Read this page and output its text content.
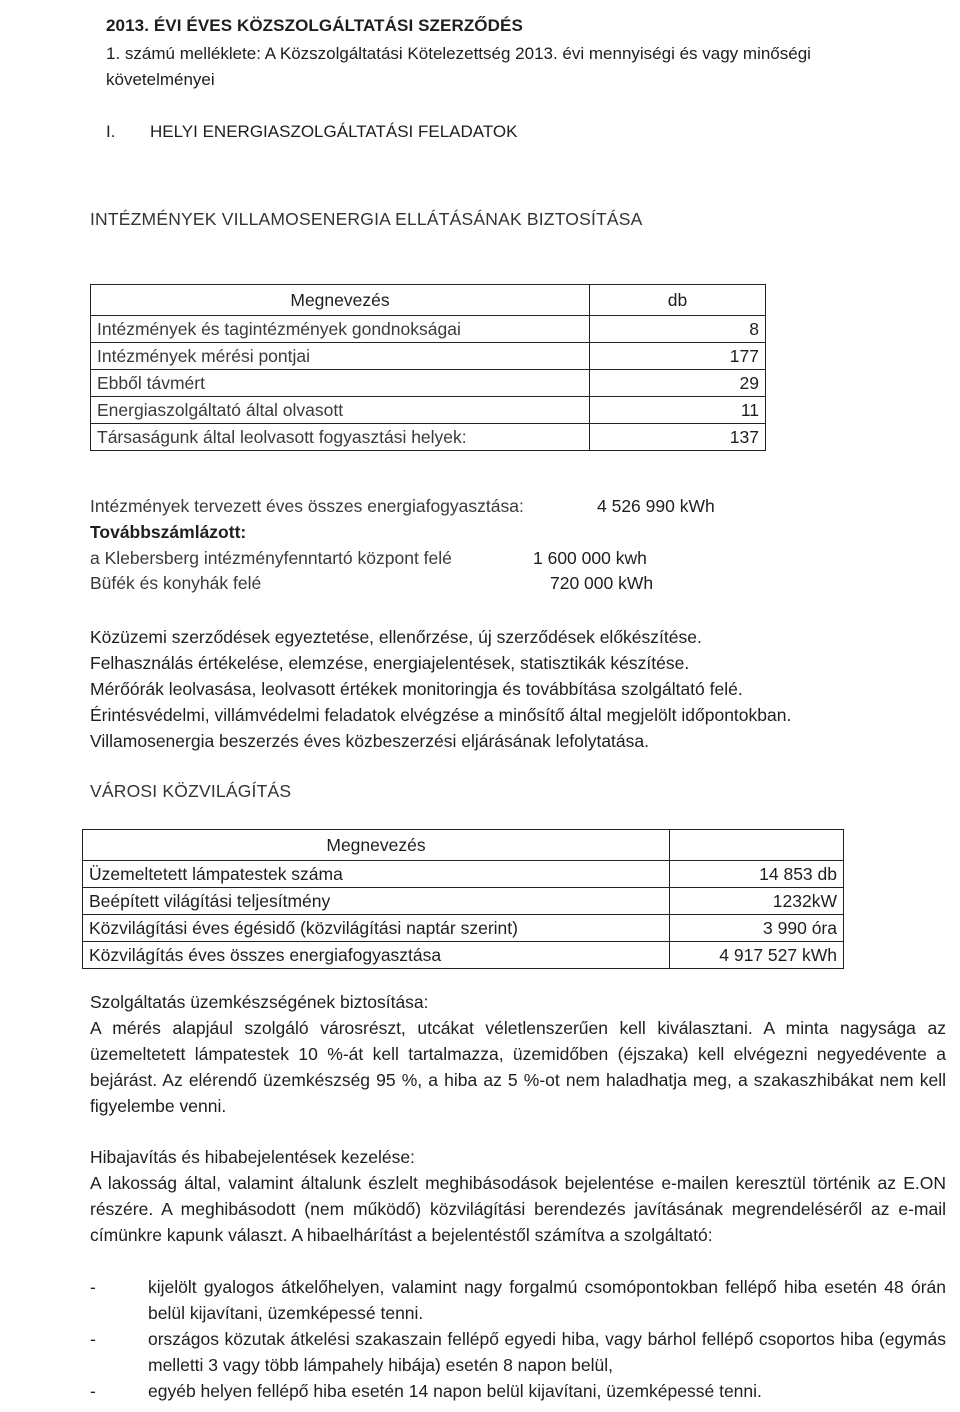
2013. ÉVI ÉVES KÖZSZOLGÁLTATÁSI SZERZŐDÉS
1. számú melléklete: A Közszolgáltatási Kötelezettség 2013. évi mennyiségi és vagy minőségi
követelményei
I. HELYI ENERGIASZOLGÁLTATÁSI FELADATOK
INTÉZMÉNYEK VILLAMOSENERGIA ELLÁTÁSÁNAK BIZTOSÍTÁSA
Megnevezés	db
Intézmények és tagintézmények gondnokságai	8
Intézmények mérési pontjai	177
Ebből távmért	29
Energiaszolgáltató által olvasott	11
Társaságunk által leolvasott fogyasztási helyek:	137
Intézmények tervezett éves összes energiafogyasztása:	4 526 990 kWh
Továbbszámlázott:
a Klebersberg intézményfenntartó központ felé	1 600 000 kwh
Büfék és konyhák felé	720 000 kWh
Közüzemi szerződések egyeztetése, ellenőrzése, új szerződések előkészítése.
Felhasználás értékelése, elemzése, energiajelentések, statisztikák készítése.
Mérőórák leolvasása, leolvasott értékek monitoringja és továbbítása szolgáltató felé.
Érintésvédelmi, villámvédelmi feladatok elvégzése a minősítő által megjelölt időpontokban.
Villamosenergia beszerzés éves közbeszerzési eljárásának lefolytatása.
VÁROSI KÖZVILÁGÍTÁS
Megnevezés	
Üzemeltetett lámpatestek száma	14 853 db
Beépített világítási teljesítmény	1232kW
Közvilágítási éves égésidő (közvilágítási naptár szerint)	3 990 óra
Közvilágítás éves összes energiafogyasztása	4 917 527 kWh
Szolgáltatás üzemkészségének biztosítása:
A mérés alapjául szolgáló városrészt, utcákat véletlenszerűen kell kiválasztani. A minta nagysága az üzemeltetett lámpatestek 10 %-át kell tartalmazza, üzemidőben (éjszaka) kell elvégezni negyedévente a bejárást. Az elérendő üzemkészség 95 %, a hiba az 5 %-ot nem haladhatja meg, a szakaszhibákat nem kell figyelembe venni.
Hibajavítás és hibabejelentések kezelése:
A lakosság által, valamint általunk észlelt meghibásodások bejelentése e-mailen keresztül történik az E.ON részére. A meghibásodott (nem működő) közvilágítási berendezés javításának megrendeléséről az e-mail címünkre kapunk választ. A hibaelhárítást a bejelentéstől számítva a szolgáltató:
-	kijelölt gyalogos átkelőhelyen, valamint nagy forgalmú csomópontokban fellépő hiba esetén 48 órán belül kijavítani, üzemképessé tenni.
-	országos közutak átkelési szakaszain fellépő egyedi hiba, vagy bárhol fellépő csoportos hiba (egymás melletti 3 vagy több lámpahely hibája) esetén 8 napon belül,
-	egyéb helyen fellépő hiba esetén 14 napon belül kijavítani, üzemképessé tenni.
